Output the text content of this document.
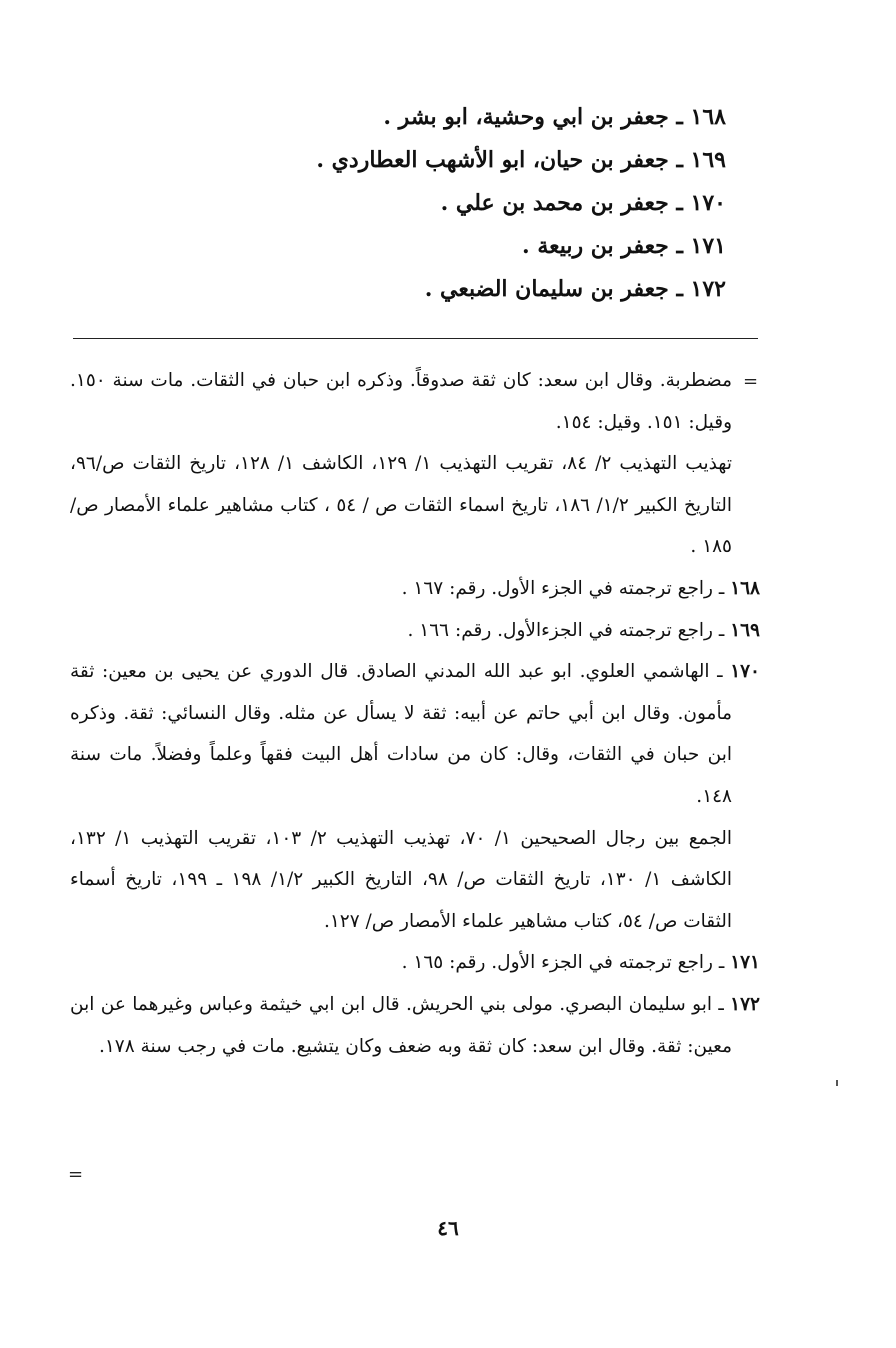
١٦٨ ـ جعفر بن ابي وحشية، ابو بشر .
١٦٩ ـ جعفر بن حيان، ابو الأشهب العطاردي .
١٧٠ ـ جعفر بن محمد بن علي .
١٧١ ـ جعفر بن ربيعة .
١٧٢ ـ جعفر بن سليمان الضبعي .
=

مضطربة. وقال ابن سعد: كان ثقة صدوقاً. وذكره ابن حبان في الثقات. مات سنة ١٥٠. وقيل: ١٥١. وقيل: ١٥٤.

تهذيب التهذيب ٢/ ٨٤، تقريب التهذيب ١/ ١٢٩، الكاشف ١/ ١٢٨، تاريخ الثقات ص/٩٦، التاريخ الكبير ١/٢/ ١٨٦، تاريخ اسماء الثقات ص / ٥٤ ، كتاب مشاهير علماء الأمصار ص/ ١٨٥ .

١٦٨ ـ راجع ترجمته في الجزء الأول. رقم: ١٦٧ .

١٦٩ ـ راجع ترجمته في الجزءالأول. رقم: ١٦٦ .

١٧٠ ـ الهاشمي العلوي. ابو عبد الله المدني الصادق. قال الدوري عن يحيى بن معين: ثقة مأمون. وقال ابن أبي حاتم عن أبيه: ثقة لا يسأل عن مثله. وقال النسائي: ثقة. وذكره ابن حبان في الثقات، وقال: كان من سادات أهل البيت فقهاً وعلماً وفضلاً. مات سنة ١٤٨.

الجمع بين رجال الصحيحين ١/ ٧٠، تهذيب التهذيب ٢/ ١٠٣، تقريب التهذيب ١/ ١٣٢، الكاشف ١/ ١٣٠، تاريخ الثقات ص/ ٩٨، التاريخ الكبير ١/٢/ ١٩٨ ـ ١٩٩، تاريخ أسماء الثقات ص/ ٥٤، كتاب مشاهير علماء الأمصار ص/ ١٢٧.

١٧١ ـ راجع ترجمته في الجزء الأول. رقم: ١٦٥ .

١٧٢ ـ ابو سليمان البصري. مولى بني الحريش. قال ابن ابي خيثمة وعباس وغيرهما عن ابن معين: ثقة. وقال ابن سعد: كان ثقة وبه ضعف وكان يتشيع. مات في رجب سنة ١٧٨.

=
٤٦
